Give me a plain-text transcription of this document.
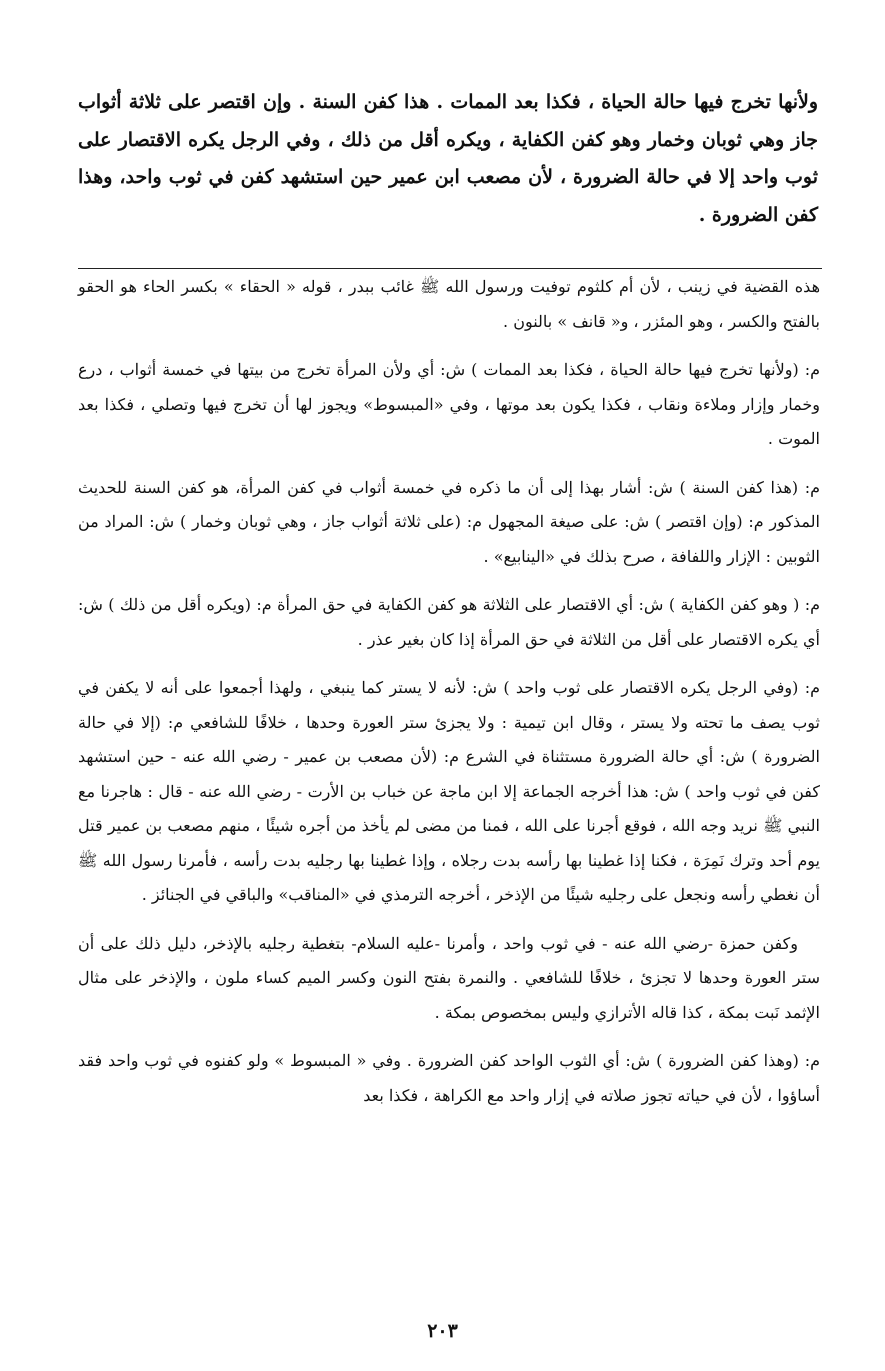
ولأنها تخرج فيها حالة الحياة ، فكذا بعد الممات . هذا كفن السنة . وإن اقتصر على ثلاثة أثواب جاز وهي ثوبان وخمار وهو كفن الكفاية ، ويكره أقل من ذلك ، وفي الرجل يكره الاقتصار على ثوب واحد إلا في حالة الضرورة ، لأن مصعب ابن عمير حين استشهد كفن في ثوب واحد، وهذا كفن الضرورة .

هذه القضية في زينب ، لأن أم كلثوم توفيت ورسول الله ﷺ غائب ببدر ، قوله « الحقاء » بكسر الحاء هو الحقو بالفتح والكسر ، وهو المئزر ، و« قانف » بالنون .

م: (ولأنها تخرج فيها حالة الحياة ، فكذا بعد الممات ) ش: أي ولأن المرأة تخرج من بيتها في خمسة أثواب ، درع وخمار وإزار وملاءة ونقاب ، فكذا يكون بعد موتها ، وفي «المبسوط» ويجوز لها أن تخرج فيها وتصلي ، فكذا بعد الموت .

م: (هذا كفن السنة ) ش: أشار بهذا إلى أن ما ذكره في خمسة أثواب في كفن المرأة، هو كفن السنة للحديث المذكور م: (وإن اقتصر ) ش: على صيغة المجهول م: (على ثلاثة أثواب جاز ، وهي ثوبان وخمار ) ش: المراد من الثوبين : الإزار واللفافة ، صرح بذلك في «الينابيع» .

م: ( وهو كفن الكفاية ) ش: أي الاقتصار على الثلاثة هو كفن الكفاية في حق المرأة م: (ويكره أقل من ذلك ) ش: أي يكره الاقتصار على أقل من الثلاثة في حق المرأة إذا كان بغير عذر .

م: (وفي الرجل يكره الاقتصار على ثوب واحد ) ش: لأنه لا يستر كما ينبغي ، ولهذا أجمعوا على أنه لا يكفن في ثوب يصف ما تحته ولا يستر ، وقال ابن تيمية : ولا يجزئ ستر العورة وحدها ، خلافًا للشافعي م: (إلا في حالة الضرورة ) ش: أي حالة الضرورة مستثناة في الشرع م: (لأن مصعب بن عمير - رضي الله عنه - حين استشهد كفن في ثوب واحد ) ش: هذا أخرجه الجماعة إلا ابن ماجة عن خباب بن الأرت - رضي الله عنه - قال : هاجرنا مع النبي ﷺ نريد وجه الله ، فوقع أجرنا على الله ، فمنا من مضى لم يأخذ من أجره شيئًا ، منهم مصعب بن عمير قتل يوم أحد وترك نَمِرَة ، فكنا إذا غطينا بها رأسه بدت رجلاه ، وإذا غطينا بها رجليه بدت رأسه ، فأمرنا رسول الله ﷺ أن نغطي رأسه ونجعل على رجليه شيئًا من الإذخر ، أخرجه الترمذي في «المناقب» والباقي في الجنائز .

وكفن حمزة -رضي الله عنه - في ثوب واحد ، وأمرنا -عليه السلام- بتغطية رجليه بالإذخر، دليل ذلك على أن ستر العورة وحدها لا تجزئ ، خلافًا للشافعي . والنمرة بفتح النون وكسر الميم كساء ملون ، والإذخر على مثال الإثمد نَبت بمكة ، كذا قاله الأترازي وليس بمخصوص بمكة .

م: (وهذا كفن الضرورة ) ش: أي الثوب الواحد كفن الضرورة . وفي « المبسوط » ولو كفنوه في ثوب واحد فقد أساؤوا ، لأن في حياته تجوز صلاته في إزار واحد مع الكراهة ، فكذا بعد

٢٠٣
